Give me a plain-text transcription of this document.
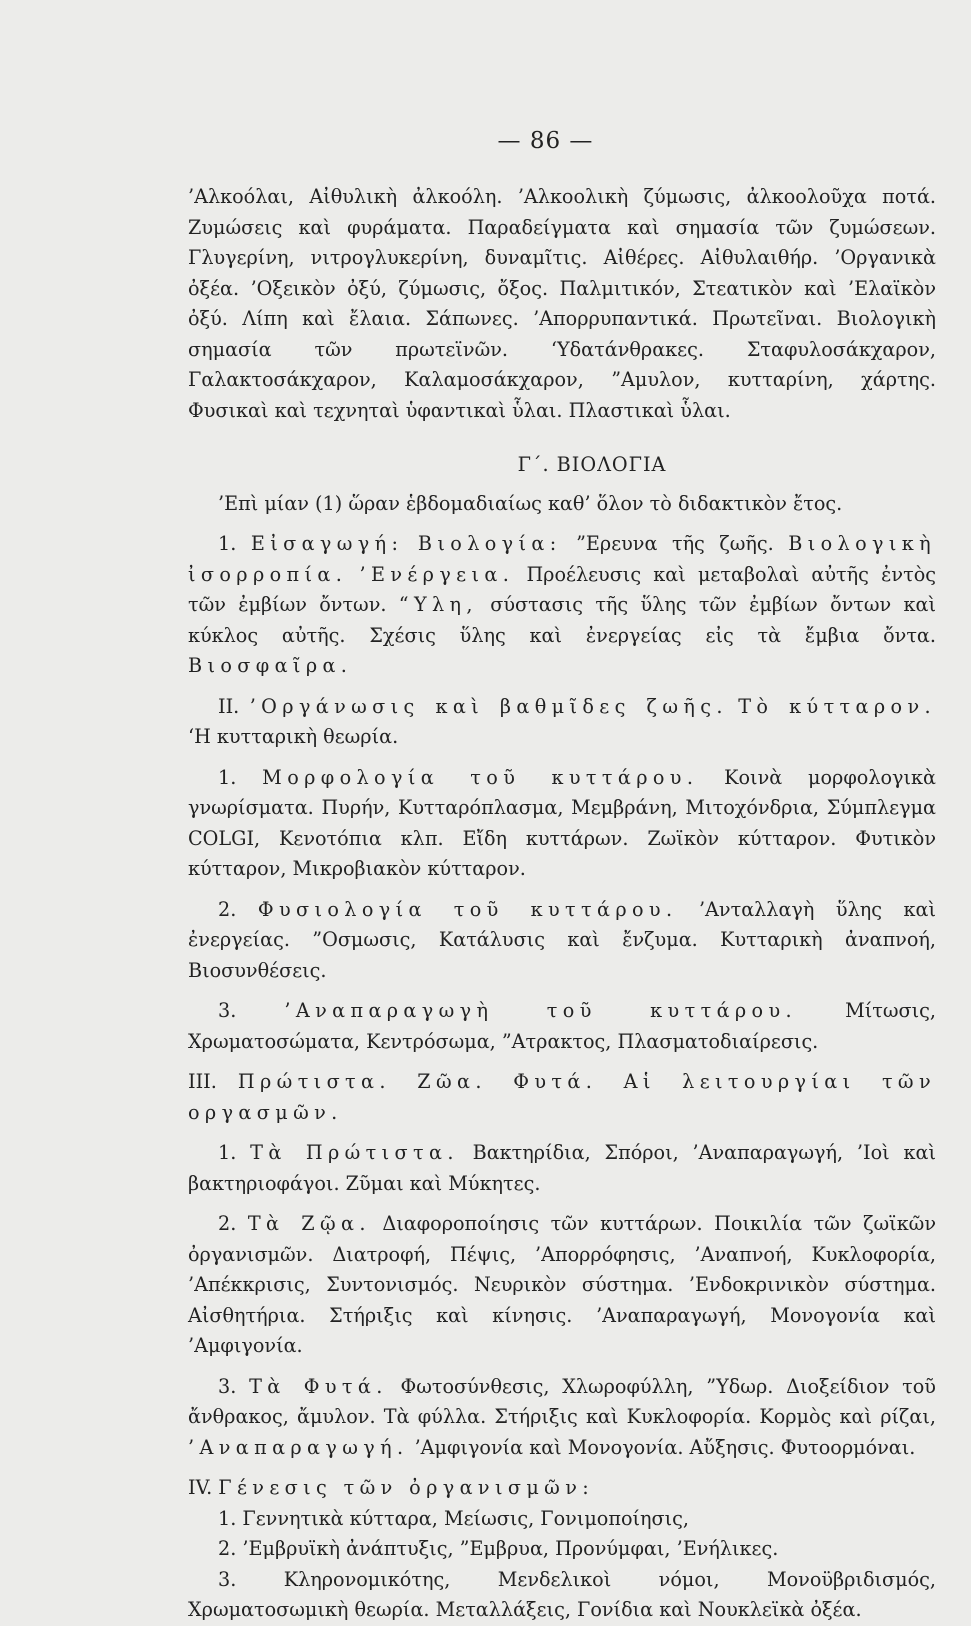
— 86 —

’Αλκοόλαι, Αἰθυλικὴ ἀλκοόλη. ’Αλκοολικὴ ζύμωσις, ἀλκοολοῦχα ποτά. Ζυμώσεις καὶ φυράματα. Παραδείγματα καὶ σημασία τῶν ζυμώσεων. Γλυγερίνη, νιτρογλυκερίνη, δυναμῖτις. Αἰθέρες. Αἰθυλαιθήρ. ’Οργανικὰ ὀξέα. ’Οξεικὸν ὀξύ, ζύμωσις, ὄξος. Παλμιτικόν, Στεατικὸν καὶ ’Ελαϊκὸν ὀξύ. Λίπη καὶ ἔλαια. Σάπωνες. ’Απορρυπαντικά. Πρωτεῖναι. Βιολογικὴ σημασία τῶν πρωτεϊνῶν. ‘Υδατάνθρακες. Σταφυλοσάκχαρον, Γαλακτοσάκχαρον, Καλαμοσάκχαρον, ”Αμυλον, κυτταρίνη, χάρτης. Φυσικαὶ καὶ τεχνηταὶ ὑφαντικαὶ ὗλαι. Πλαστικαὶ ὗλαι.

Γ΄. ΒΙΟΛΟΓΙΑ

’Επὶ μίαν (1) ὥραν ἑβδομαδιαίως καθ’ ὅλον τὸ διδακτικὸν ἔτος.

1. Εἰσαγωγή: Βιολογία: ”Ερευνα τῆς ζωῆς. Βιολογικὴ ἰσορροπία. ’Ενέργεια. Προέλευσις καὶ μεταβολαὶ αὐτῆς ἐντὸς τῶν ἐμβίων ὄντων. “Υλη, σύστασις τῆς ὕλης τῶν ἐμβίων ὄντων καὶ κύκλος αὐτῆς. Σχέσις ὕλης καὶ ἐνεργείας εἰς τὰ ἔμβια ὄντα. Βιοσφαῖρα.

ΙΙ. ’Οργάνωσις καὶ βαθμῖδες ζωῆς. Τὸ κύτταρον. ‘Η κυτταρικὴ θεωρία.

1. Μορφολογία τοῦ κυττάρου. Κοινὰ μορφολογικὰ γνωρίσματα. Πυρήν, Κυτταρόπλασμα, Μεμβράνη, Μιτοχόνδρια, Σύμπλεγμα COLGI, Κενοτόπια κλπ. Εἴδη κυττάρων. Ζωϊκὸν κύτταρον. Φυτικὸν κύτταρον, Μικροβιακὸν κύτταρον.

2. Φυσιολογία τοῦ κυττάρου. ’Ανταλλαγὴ ὕλης καὶ ἐνεργείας. ”Οσμωσις, Κατάλυσις καὶ ἔνζυμα. Κυτταρικὴ ἀναπνοή, Βιοσυνθέσεις.

3.	’Αναπαραγωγὴ τοῦ κυττάρου.	Μίτωσις, Χρωματοσώματα, Κεντρόσωμα, ”Ατρακτος, Πλασματοδιαίρεσις.

ΙΙΙ. Πρώτιστα. Ζῶα. Φυτά. Αἱ λειτουργίαι τῶν οργασμῶν.

1. Τὰ Πρώτιστα. Βακτηρίδια, Σπόροι, ’Αναπαραγωγή, ’Ιοὶ καὶ βακτηριοφάγοι. Ζῦμαι καὶ Μύκητες.

2. Τὰ Ζῷα. Διαφοροποίησις τῶν κυττάρων. Ποικιλία τῶν ζωϊκῶν ὀργανισμῶν. Διατροφή, Πέψις, ’Απορρόφησις, ’Αναπνοή, Κυκλοφορία, ’Απέκκρισις, Συντονισμός. Νευρικὸν σύστημα. ’Ενδοκρινικὸν σύστημα. Αἰσθητήρια. Στήριξις καὶ κίνησις. ’Αναπαραγωγή, Μονογονία καὶ ’Αμφιγονία.

3. Τὰ Φυτά. Φωτοσύνθεσις, Χλωροφύλλη, ”Υδωρ. Διοξείδιον τοῦ ἄνθρακος, ἄμυλον. Τὰ φύλλα. Στήριξις καὶ Κυκλοφορία. Κορμὸς καὶ ρίζαι, ’Αναπαραγωγή. ’Αμφιγονία καὶ Μονογονία. Αὔξησις. Φυτοορμόναι.

IV. Γένεσις τῶν ὀργανισμῶν:

1. Γεννητικὰ κύτταρα, Μείωσις, Γονιμοποίησις,

2. ’Εμβρυϊκὴ ἀνάπτυξις, ”Εμβρυα, Προνύμφαι, ’Ενήλικες.

3. Κληρονομικότης, Μενδελικοὶ νόμοι, Μονοϋβριδισμός, Χρωματοσωμικὴ θεωρία. Μεταλλάξεις, Γονίδια καὶ Νουκλεϊκὰ ὀξέα.
